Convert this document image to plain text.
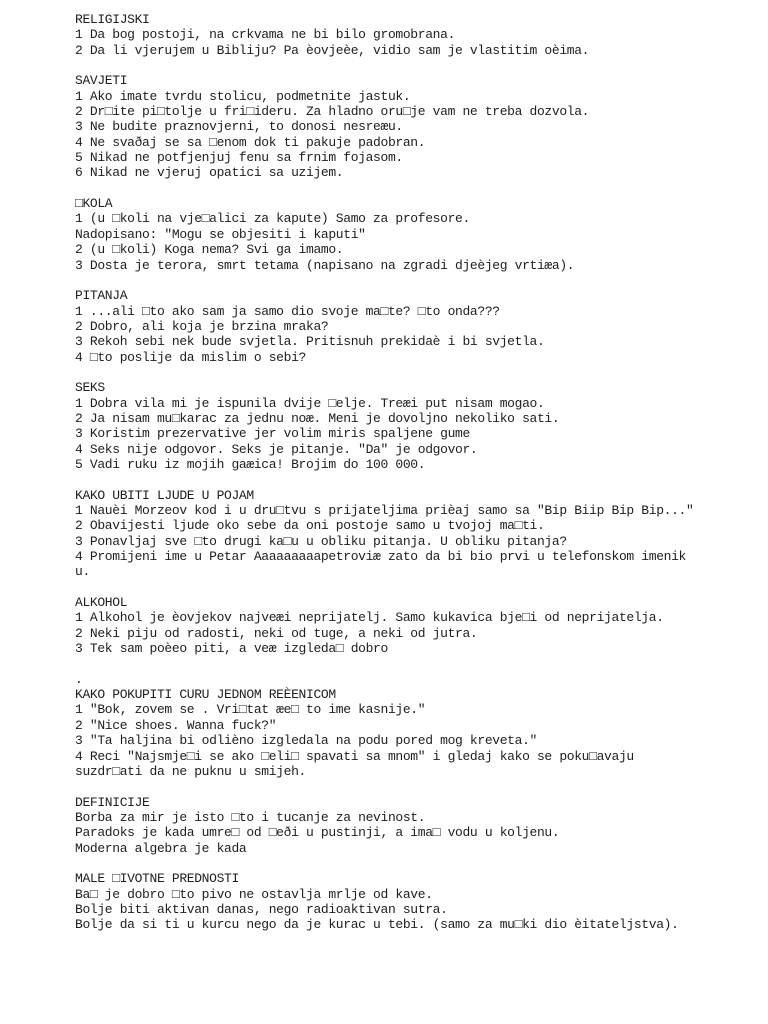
RELIGIJSKI
1 Da bog postoji, na crkvama ne bi bilo gromobrana.
2 Da li vjerujem u Bibliju? Pa èovjeèe, vidio sam je vlastitim oèima.
SAVJETI
1 Ako imate tvrdu stolicu, podmetnite jastuk.
2 Dr□ite pi□tolje u fri□ideru. Za hladno oru□je vam ne treba dozvola.
3 Ne budite praznovjerni, to donosi nesreæu.
4 Ne svaðaj se sa □enom dok ti pakuje padobran.
5 Nikad ne potfjenjuj fenu sa frnim fojasom.
6 Nikad ne vjeruj opatici sa uzijem.
□KOLA
1 (u □koli na vje□alici za kapute) Samo za profesore.
Nadopisano: "Mogu se objesiti i kaputi"
2 (u □koli) Koga nema? Svi ga imamo.
3 Dosta je terora, smrt tetama (napisano na zgradi djeèjeg vrtiæa).
PITANJA
1 ...ali □to ako sam ja samo dio svoje ma□te? □to onda???
2 Dobro, ali koja je brzina mraka?
3 Rekoh sebi nek bude svjetla. Pritisnuh prekidaè i bi svjetla.
4 □to poslije da mislim o sebi?
SEKS
1 Dobra vila mi je ispunila dvije □elje. Treæi put nisam mogao.
2 Ja nisam mu□karac za jednu noæ. Meni je dovoljno nekoliko sati.
3 Koristim prezervative jer volim miris spaljene gume
4 Seks nije odgovor. Seks je pitanje. "Da" je odgovor.
5 Vadi ruku iz mojih gaæica! Brojim do 100 000.
KAKO UBITI LJUDE U POJAM
1 Nauèi Morzeov kod i u dru□tvu s prijateljima prièaj samo sa "Bip Biip Bip Bip..."
2 Obavijesti ljude oko sebe da oni postoje samo u tvojoj ma□ti.
3 Ponavljaj sve □to drugi ka□u u obliku pitanja. U obliku pitanja?
4 Promijeni ime u Petar Aaaaaaaaapetroviæ zato da bi bio prvi u telefonskom imenik
u.
ALKOHOL
1 Alkohol je èovjekov najveæi neprijatelj. Samo kukavica bje□i od neprijatelja.
2 Neki piju od radosti, neki od tuge, a neki od jutra.
3 Tek sam poèeo piti, a veæ izgleda□ dobro
.
KAKO POKUPITI CURU JEDNOM REÈENICOM
1 "Bok, zovem se . Vri□tat æe□ to ime kasnije."
2 "Nice shoes. Wanna fuck?"
3 "Ta haljina bi odlièno izgledala na podu pored mog kreveta."
4 Reci "Najsmje□i se ako □eli□ spavati sa mnom" i gledaj kako se poku□avaju
suzdr□ati da ne puknu u smijeh.
DEFINICIJE
Borba za mir je isto □to i tucanje za nevinost.
Paradoks je kada umre□ od □eði u pustinji, a ima□ vodu u koljenu.
Moderna algebra je kada
MALE □IVOTNE PREDNOSTI
Ba□ je dobro □to pivo ne ostavlja mrlje od kave.
Bolje biti aktivan danas, nego radioaktivan sutra.
Bolje da si ti u kurcu nego da je kurac u tebi. (samo za mu□ki dio èitateljstva).
